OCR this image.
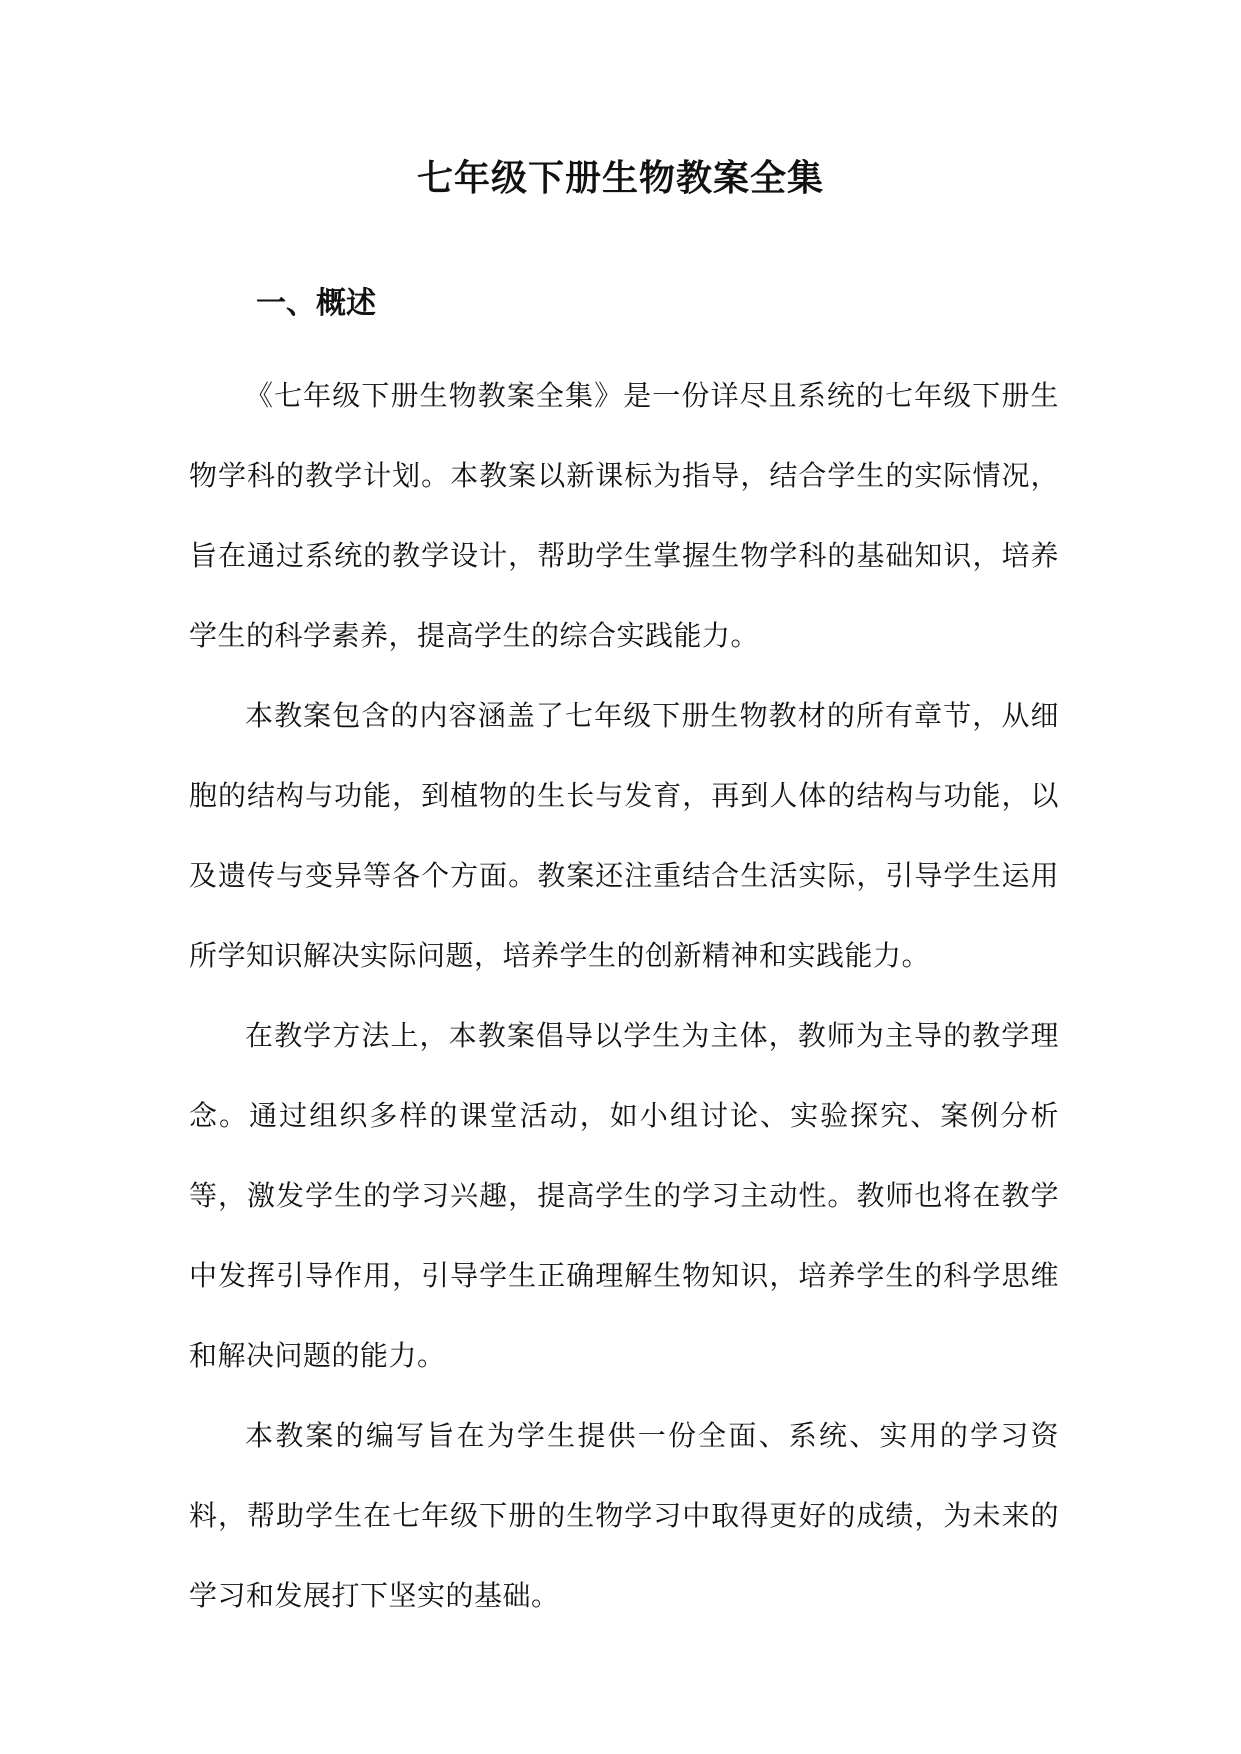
七年级下册生物教案全集
一、概述

《七年级下册生物教案全集》是一份详尽且系统的七年级下册生物学科的教学计划。本教案以新课标为指导，结合学生的实际情况，旨在通过系统的教学设计，帮助学生掌握生物学科的基础知识，培养学生的科学素养，提高学生的综合实践能力。

本教案包含的内容涵盖了七年级下册生物教材的所有章节，从细胞的结构与功能，到植物的生长与发育，再到人体的结构与功能，以及遗传与变异等各个方面。教案还注重结合生活实际，引导学生运用所学知识解决实际问题，培养学生的创新精神和实践能力。

在教学方法上，本教案倡导以学生为主体，教师为主导的教学理念。通过组织多样的课堂活动，如小组讨论、实验探究、案例分析等，激发学生的学习兴趣，提高学生的学习主动性。教师也将在教学中发挥引导作用，引导学生正确理解生物知识，培养学生的科学思维和解决问题的能力。

本教案的编写旨在为学生提供一份全面、系统、实用的学习资料，帮助学生在七年级下册的生物学习中取得更好的成绩，为未来的学习和发展打下坚实的基础。
